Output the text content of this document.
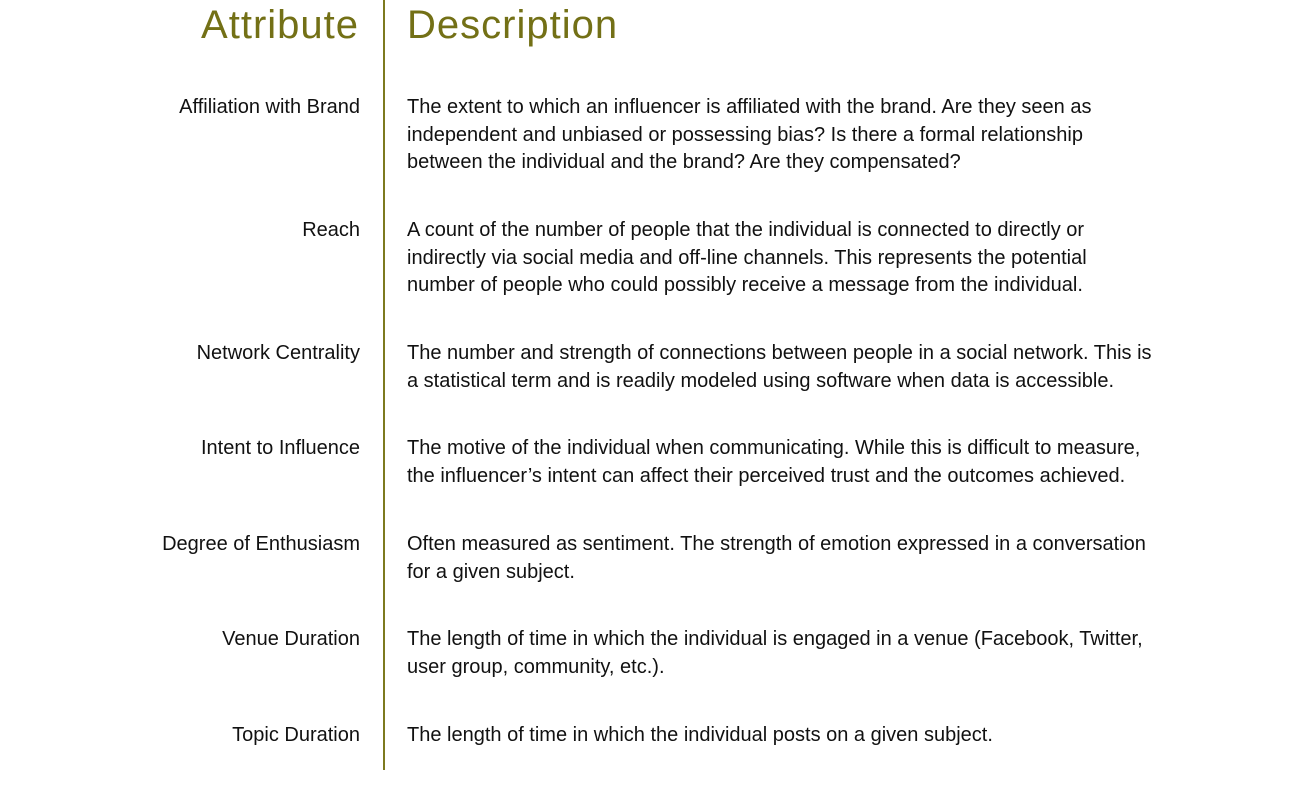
Attribute Description
Affiliation with Brand The extent to which an influencer is affiliated with the brand. Are they seen as
independent and unbiased or possessing bias? Is there a formal relationship
between the individual and the brand? Are they compensated?
Reach A count of the number of people that the individual is connected to directly or
indirectly via social media and off-line channels. This represents the potential
number of people who could possibly receive a message from the individual.
Network Centrality The number and strength of connections between people in a social network. This is
a statistical term and is readily modeled using software when data is accessible.
Intent to Influence The motive of the individual when communicating. While this is difficult to measure,
the influencer’s intent can affect their perceived trust and the outcomes achieved.
Degree of Enthusiasm Often measured as sentiment. The strength of emotion expressed in a conversation
for a given subject.
Venue Duration The length of time in which the individual is engaged in a venue (Facebook, Twitter,
user group, community, etc.).
Topic Duration The length of time in which the individual posts on a given subject.
